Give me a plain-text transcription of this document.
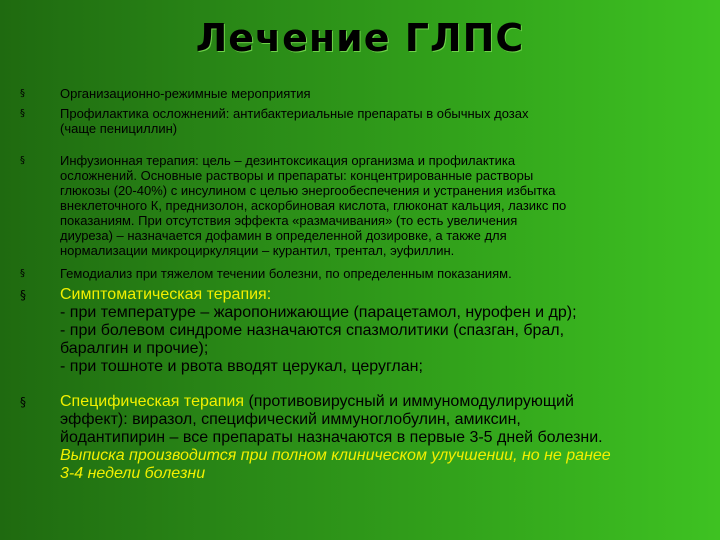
Лечение ГЛПС
§	Организационно-режимные мероприятия
§	Профилактика осложнений: антибактериальные препараты в обычных дозах
(чаще пенициллин)
§	Инфузионная терапия: цель – дезинтоксикация организма и профилактика
осложнений. Основные растворы и препараты: концентрированные растворы
глюкозы (20-40%) с инсулином с целью энергообеспечения и устранения избытка
внеклеточного К, преднизолон, аскорбиновая кислота, глюконат кальция, лазикс по
показаниям. При отсутствия эффекта «размачивания» (то есть увеличения
диуреза) – назначается дофамин в определенной дозировке, а также для
нормализации микроциркуляции – курантил, трентал, эуфиллин.
§	Гемодиализ при тяжелом течении болезни, по определенным показаниям.
§ Симптоматическая терапия:
- при температуре – жаропонижающие (парацетамол, нурофен и др);
- при болевом синдроме назначаются спазмолитики (спазган, брал,
баралгин и прочие);
- при тошноте и рвота вводят церукал, церуглан;
§ Специфическая терапия (противовирусный и иммуномодулирующий
эффект): виразол, специфический иммуноглобулин, амиксин,
йодантипирин – все препараты назначаются в первые 3-5 дней болезни.
Выписка производится при полном клиническом улучшении, но не ранее
3-4 недели болезни
